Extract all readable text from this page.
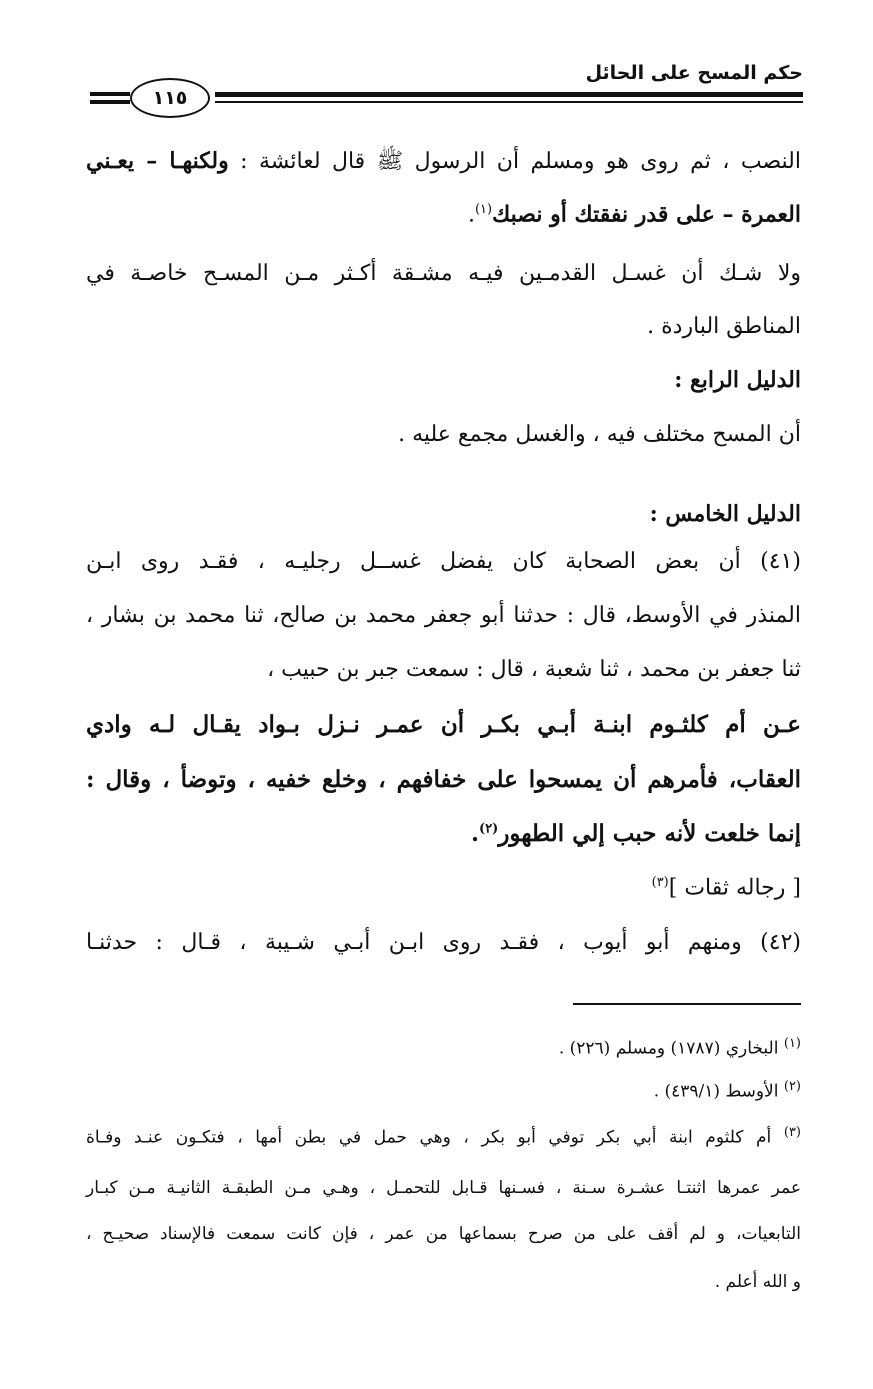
حكم المسح على الحائل
١١٥
النصب ، ثم روى هو ومسلم أن الرسول ﷺ قال لعائشة : ولكنهـا – يعـني
العمرة – على قدر نفقتك أو نصبك$^{(١)}$.
ولا شـك أن غسـل القدمـين فيـه مشـقة أكـثر مـن المسـح خاصـة في
المناطق الباردة .
الدليل الرابع :
أن المسح مختلف فيه ، والغسل مجمع عليه .
الدليل الخامس :
(٤١) أن بعض الصحابة كان يفضل غســل رجليـه ، فقـد روى ابـن
المنذر في الأوسط، قال : حدثنا أبو جعفر محمد بن صالح، ثنا محمد بن بشار ،
ثنا جعفر بن محمد ، ثنا شعبة ، قال : سمعت جبر بن حبيب ،
عـن أم كلثـوم ابنـة أبـي بكـر أن عمـر نـزل بـواد يقـال لـه وادي
العقاب، فأمرهم أن يمسحوا على خفافهم ، وخلع خفيه ، وتوضأ ، وقال :
إنما خلعت لأنه حبب إلي الطهور$^{(٢)}$.
[ رجاله ثقات ]$^{(٣)}$
(٤٢) ومنهم أبو أيوب ، فقـد روى ابـن أبـي شـيبة ، قـال : حدثنـا
$^{(١)}$ البخاري (١٧٨٧) ومسلم (٢٢٦) .
$^{(٢)}$ الأوسط (٤٣٩/١) .
$^{(٣)}$ أم كلثوم ابنة أبي بكر توفي أبو بكر ، وهي حمل في بطن أمها ، فتكـون عنـد وفـاة
عمر عمرها اثنتـا عشـرة سـنة ، فسـنها قـابل للتحمـل ، وهـي مـن الطبقـة الثانيـة مـن كبـار
التابعيات، و لم أقف على من صرح بسماعها من عمر ، فإن كانت سمعت فالإسناد صحيـح ،
و الله أعلم .
